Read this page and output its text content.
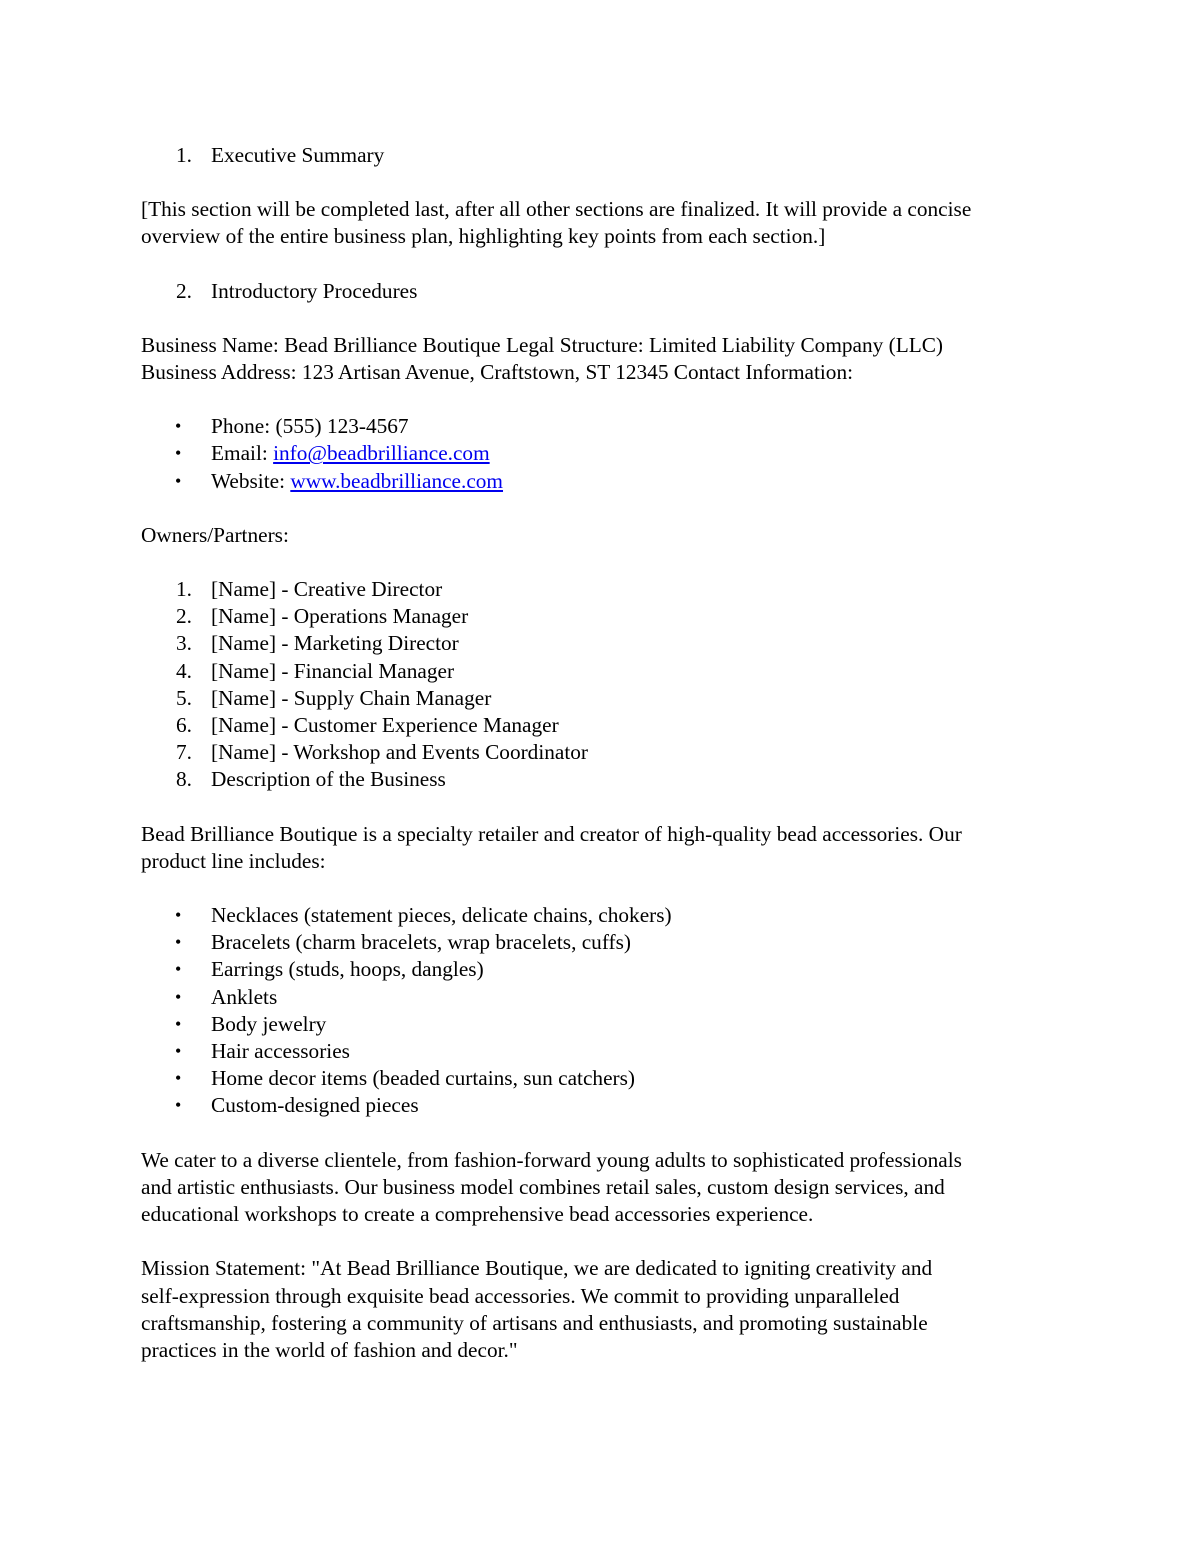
1. Executive Summary
[This section will be completed last, after all other sections are finalized. It will provide a concise
overview of the entire business plan, highlighting key points from each section.]
2. Introductory Procedures
Business Name: Bead Brilliance Boutique Legal Structure: Limited Liability Company (LLC)
Business Address: 123 Artisan Avenue, Craftstown, ST 12345 Contact Information:
• Phone: (555) 123-4567
• Email: info@beadbrilliance.com
• Website: www.beadbrilliance.com
Owners/Partners:
1. [Name] - Creative Director
2. [Name] - Operations Manager
3. [Name] - Marketing Director
4. [Name] - Financial Manager
5. [Name] - Supply Chain Manager
6. [Name] - Customer Experience Manager
7. [Name] - Workshop and Events Coordinator
8. Description of the Business
Bead Brilliance Boutique is a specialty retailer and creator of high-quality bead accessories. Our
product line includes:
• Necklaces (statement pieces, delicate chains, chokers)
• Bracelets (charm bracelets, wrap bracelets, cuffs)
• Earrings (studs, hoops, dangles)
• Anklets
• Body jewelry
• Hair accessories
• Home decor items (beaded curtains, sun catchers)
• Custom-designed pieces
We cater to a diverse clientele, from fashion-forward young adults to sophisticated professionals
and artistic enthusiasts. Our business model combines retail sales, custom design services, and
educational workshops to create a comprehensive bead accessories experience.
Mission Statement: "At Bead Brilliance Boutique, we are dedicated to igniting creativity and
self-expression through exquisite bead accessories. We commit to providing unparalleled
craftsmanship, fostering a community of artisans and enthusiasts, and promoting sustainable
practices in the world of fashion and decor."
